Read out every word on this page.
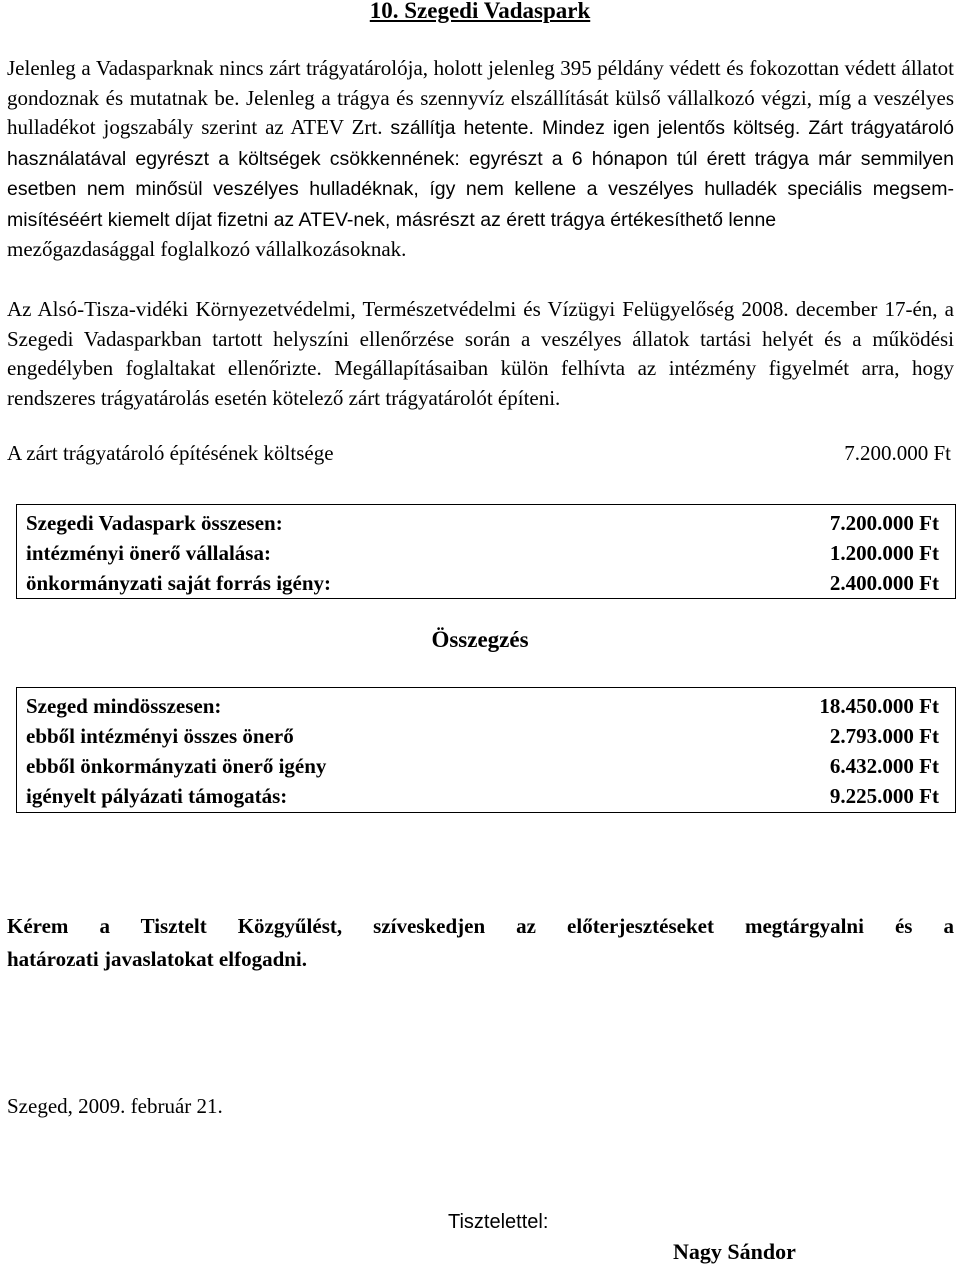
10. Szegedi Vadaspark
Jelenleg a Vadasparknak nincs zárt trágyatárolója, holott jelenleg 395 példány védett és fokozottan védett állatot gondoznak és mutatnak be. Jelenleg a trágya és szennyvíz elszállítását külső vállalkozó végzi, míg a veszélyes hulladékot jogszabály szerint az ATEV Zrt. szállítja hetente. Mindez igen jelentős költség. Zárt trágyatároló használatával egyrészt a költségek csökkennének: egyrészt a 6 hónapon túl érett trágya már semmilyen esetben nem minősül veszélyes hulladéknak, így nem kellene a veszélyes hulladék speciális megsem-misítéséért kiemelt díjat fizetni az ATEV-nek, másrészt az érett trágya értékesíthető lenne
mezőgazdasággal foglalkozó vállalkozásoknak.
Az Alsó-Tisza-vidéki Környezetvédelmi, Természetvédelmi és Vízügyi Felügyelőség 2008. december 17-én, a Szegedi Vadasparkban tartott helyszíni ellenőrzése során a veszélyes állatok tartási helyét és a működési engedélyben foglaltakat ellenőrizte. Megállapításaiban külön felhívta az intézmény figyelmét arra, hogy rendszeres trágyatárolás esetén kötelező zárt trágyatárolót építeni.
A zárt trágyatároló építésének költsége	7.200.000 Ft
Szegedi Vadaspark összesen:	7.200.000 Ft
intézményi önerő vállalása:	1.200.000 Ft
önkormányzati saját forrás igény:	2.400.000 Ft
Összegzés
Szeged mindösszesen:	18.450.000 Ft
ebből intézményi összes önerő	2.793.000 Ft
ebből önkormányzati önerő igény	6.432.000 Ft
igényelt pályázati támogatás:	9.225.000 Ft
Kérem a Tisztelt Közgyűlést, szíveskedjen az előterjesztéseket megtárgyalni és a
határozati javaslatokat elfogadni.
Szeged, 2009. február 21.
Tisztelettel:
Nagy Sándor
